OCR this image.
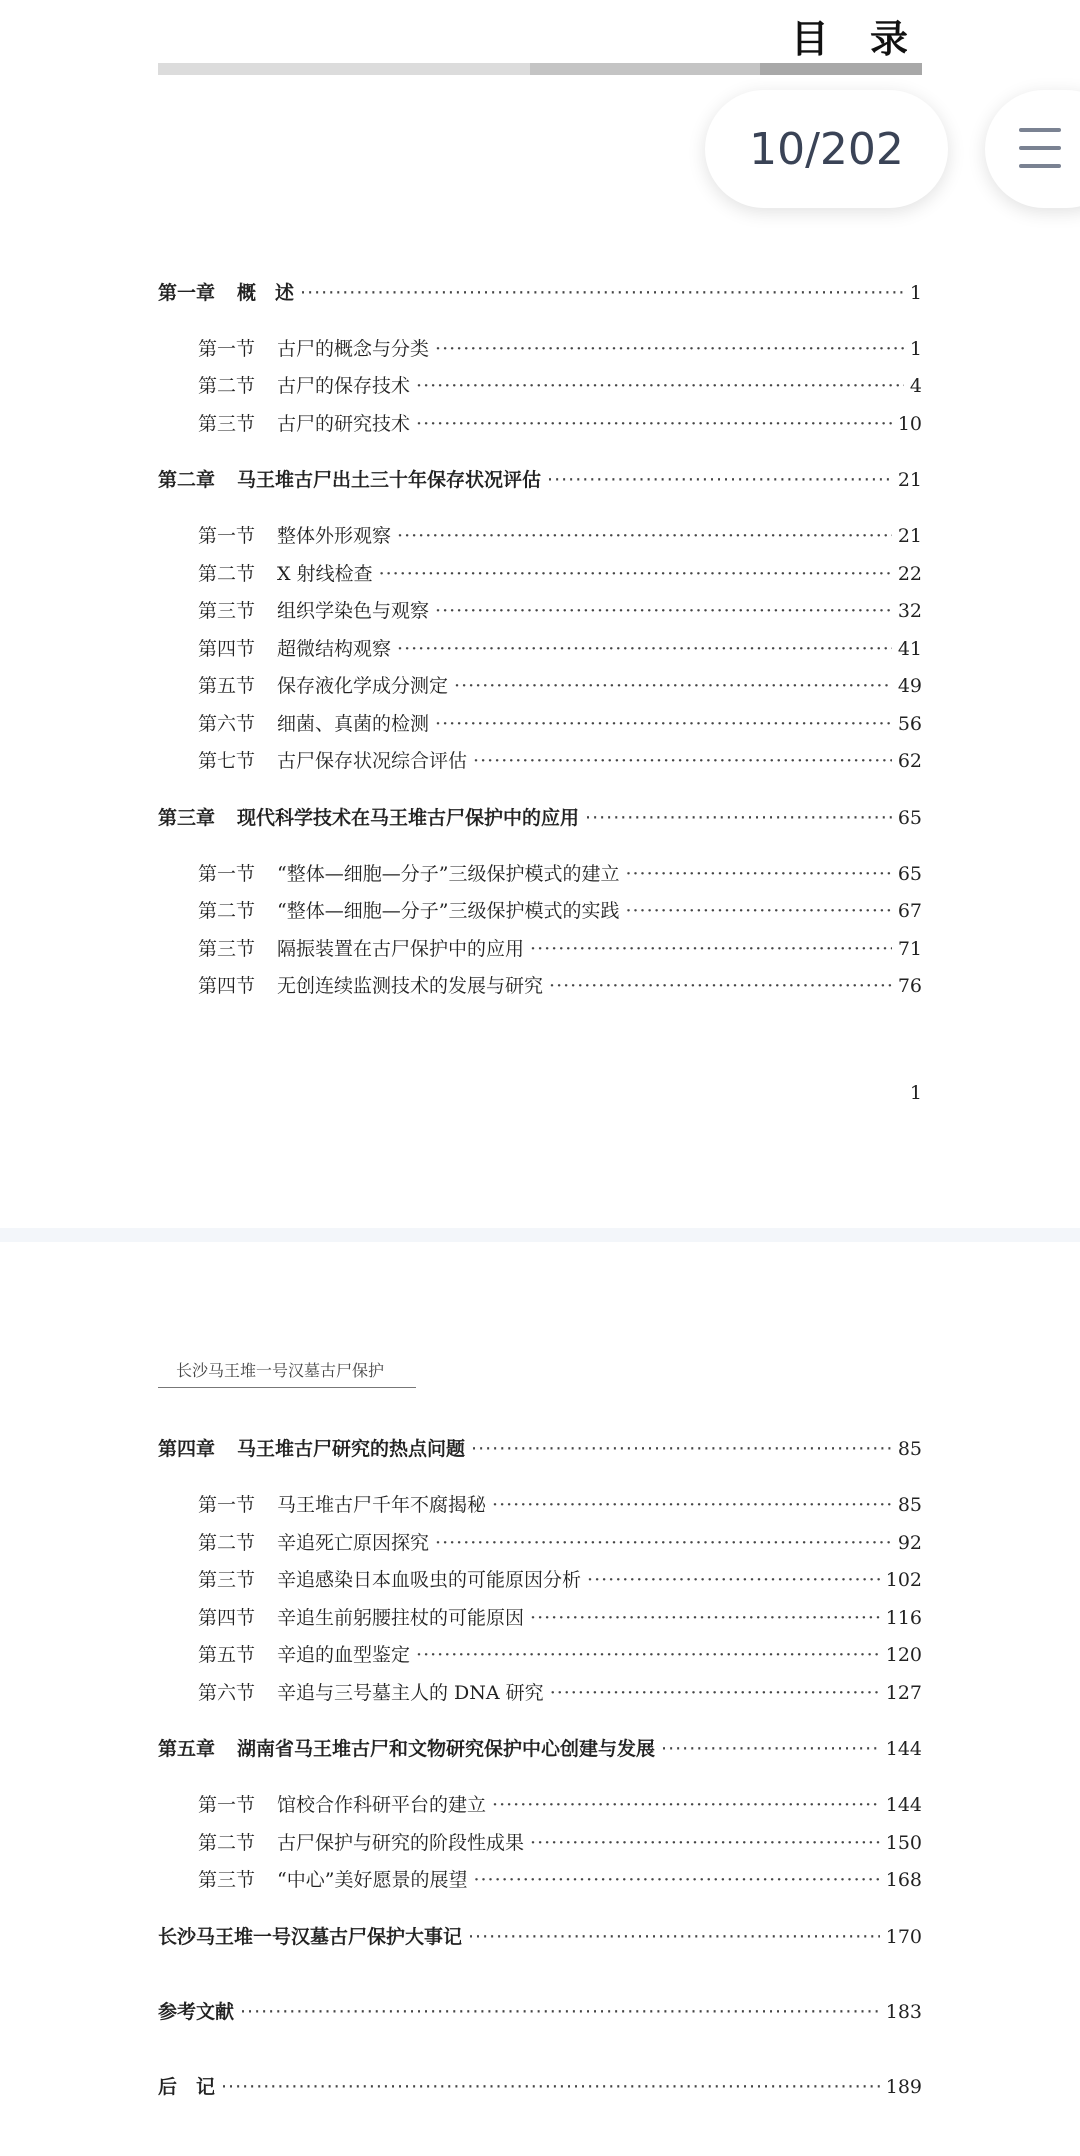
目 录
10/202
第一章 概　述 ·····	1
第一节 古尸的概念与分类 ·····	1
第二节 古尸的保存技术 ·····	4
第三节 古尸的研究技术 ·····	10
第二章 马王堆古尸出土三十年保存状况评估 ·····	21
第一节 整体外形观察 ·····	21
第二节 X 射线检查 ·····	22
第三节 组织学染色与观察 ·····	32
第四节 超微结构观察 ·····	41
第五节 保存液化学成分测定 ·····	49
第六节 细菌、真菌的检测 ·····	56
第七节 古尸保存状况综合评估 ·····	62
第三章 现代科学技术在马王堆古尸保护中的应用 ·····	65
第一节 “整体—细胞—分子”三级保护模式的建立 ·····	65
第二节 “整体—细胞—分子”三级保护模式的实践 ·····	67
第三节 隔振装置在古尸保护中的应用 ·····	71
第四节 无创连续监测技术的发展与研究 ·····	76
1
长沙马王堆一号汉墓古尸保护
第四章 马王堆古尸研究的热点问题 ·····	85
第一节 马王堆古尸千年不腐揭秘 ·····	85
第二节 辛追死亡原因探究 ·····	92
第三节 辛追感染日本血吸虫的可能原因分析 ·····	102
第四节 辛追生前躬腰拄杖的可能原因 ·····	116
第五节 辛追的血型鉴定 ·····	120
第六节 辛追与三号墓主人的 DNA 研究 ·····	127
第五章 湖南省马王堆古尸和文物研究保护中心创建与发展 ·····	144
第一节 馆校合作科研平台的建立 ·····	144
第二节 古尸保护与研究的阶段性成果 ·····	150
第三节 “中心”美好愿景的展望 ·····	168
长沙马王堆一号汉墓古尸保护大事记 ·····	170
参考文献 ·····	183
后　记 ·····	189
